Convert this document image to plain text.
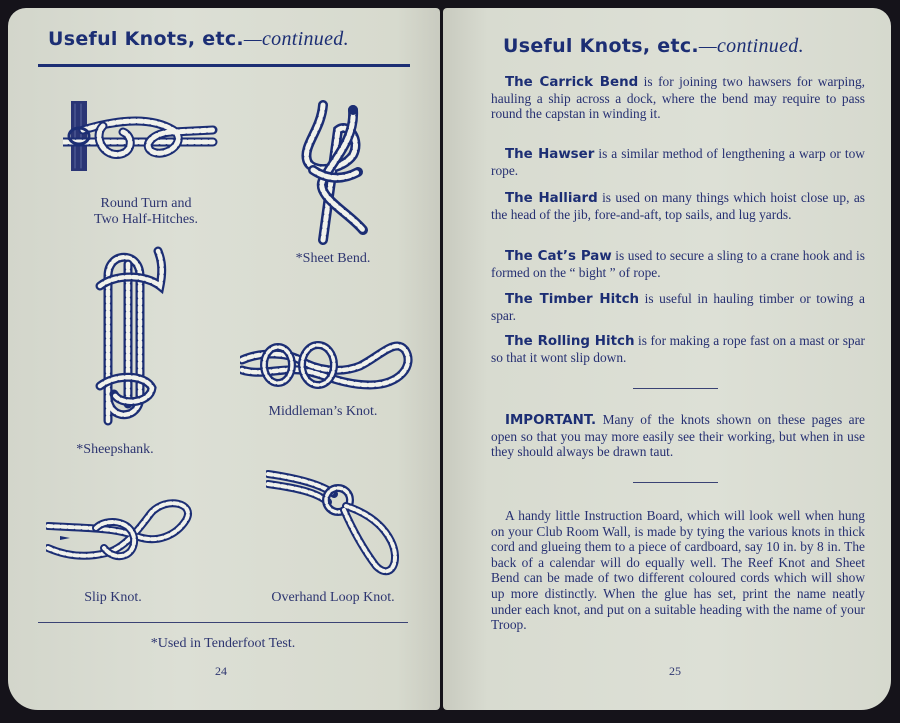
Useful Knots, etc.—continued.
Round Turn and
Two Half-Hitches.
*Sheet Bend.
*Sheepshank.
Middleman’s Knot.
Slip Knot.	Overhand Loop Knot.
*Used in Tenderfoot Test.
24
Useful Knots, etc.—continued.
The Carrick Bend is for joining two hawsers for warping, hauling a ship across a dock, where the bend may require to pass round the capstan in winding it.
The Hawser is a similar method of lengthening a warp or tow rope.
The Halliard is used on many things which hoist close up, as the head of the jib, fore-and-aft, top sails, and lug yards.
The Cat’s Paw is used to secure a sling to a crane hook and is formed on the “ bight ” of rope.
The Timber Hitch is useful in hauling timber or towing a spar.
The Rolling Hitch is for making a rope fast on a mast or spar so that it wont slip down.
IMPORTANT. Many of the knots shown on these pages are open so that you may more easily see their working, but when in use they should always be drawn taut.
A handy little Instruction Board, which will look well when hung on your Club Room Wall, is made by tying the various knots in thick cord and glueing them to a piece of cardboard, say 10 in. by 8 in. The back of a calendar will do equally well. The Reef Knot and Sheet Bend can be made of two different coloured cords which will show up more distinctly. When the glue has set, print the name neatly under each knot, and put on a suitable heading with the name of your Troop.
25
